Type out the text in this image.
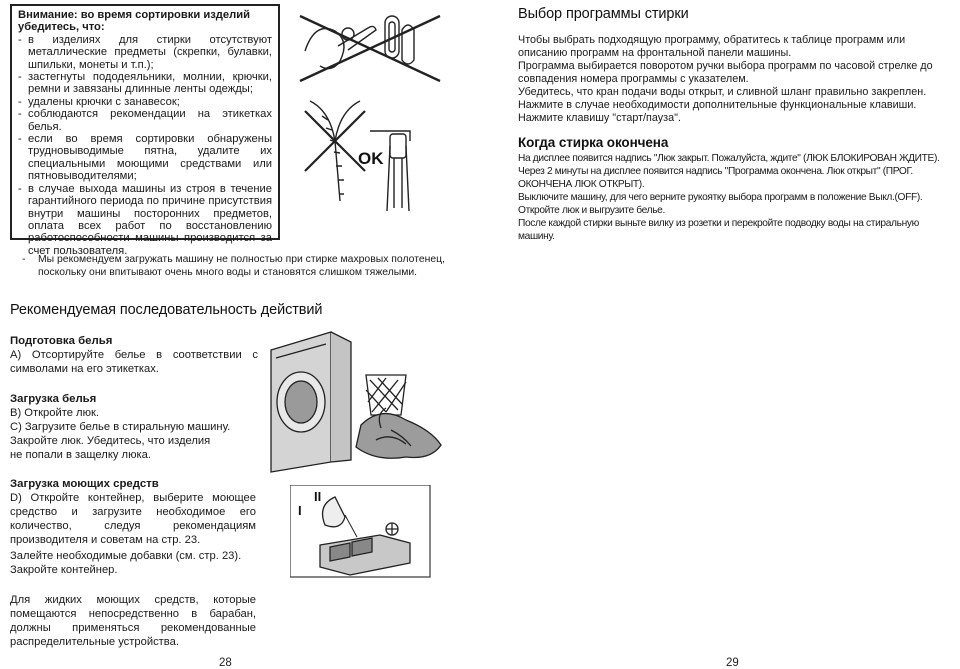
Внимание: во время сортировки изделий убедитесь, что:
- в изделиях для стирки отсутствуют металлические предметы (скрепки, булавки, шпильки, монеты и т.п.);
- застегнуты пододеяльники, молнии, крючки, ремни и завязаны длинные ленты одежды;
- удалены крючки с занавесок;
- соблюдаются рекомендации на этикетках белья.
- если во время сортировки обнаружены трудновыводимые пятна, удалите их специальными моющими средствами или пятновыводителями;
- в случае выхода машины из строя в течение гарантийного периода по причине присутствия внутри машины посторонних предметов, оплата всех работ по восстановлению работоспособности машины производится за счет пользователя.
OK
- Мы рекомендуем загружать машину не полностью при стирке махровых полотенец, поскольку они впитывают очень много воды и становятся слишком тяжелыми.
Рекомендуемая последовательность действий
Подготовка белья
A) Отсортируйте белье в соответствии с символами на его этикетках.
Загрузка белья
B) Откройте люк.
C) Загрузите белье в стиральную машину.
Закройте люк. Убедитесь, что изделия
не попали в защелку люка.
Загрузка моющих средств
D) Откройте контейнер, выберите моющее средство и загрузите необходимое его количество, следуя рекомендациям производителя и советам на стр. 23.
Залейте необходимые добавки (см. стр. 23).
Закройте контейнер.
I
II
Для жидких моющих средств, которые помещаются непосредственно в барабан, должны применяться рекомендованные распределительные устройства.
28
Выбор программы стирки

Чтобы выбрать подходящую программу, обратитесь к таблице программ или описанию программ на фронтальной панели машины.

Программа выбирается поворотом ручки выбора программ по часовой стрелке до совпадения номера программы с указателем.

Убедитесь, что кран подачи воды открыт, и сливной шланг правильно закреплен.

Нажмите в случае необходимости дополнительные функциональные клавиши.

Нажмите клавишу "старт/пауза".

Когда стирка окончена

На дисплее появится надпись "Люк закрыт. Пожалуйста, ждите" (ЛЮК БЛОКИРОВАН ЖДИТЕ).

Через 2 минуты на дисплее появится надпись "Программа окончена. Люк открыт" (ПРОГ. ОКОНЧЕНА ЛЮК ОТКРЫТ).

Выключите машину, для чего верните рукоятку выбора программ в положение Выкл.(OFF).

Откройте люк и выгрузите белье.

После каждой стирки выньте вилку из розетки и перекройте подводку воды на стиральную машину.

29
